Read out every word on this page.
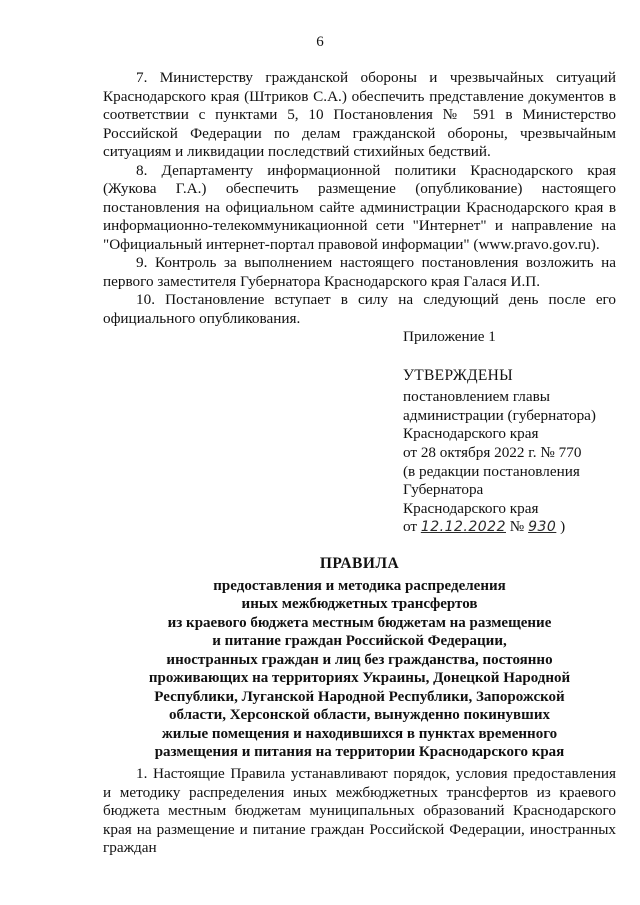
6

7. Министерству гражданской обороны и чрезвычайных ситуаций Краснодарского края (Штриков С.А.) обеспечить представление документов в соответствии с пунктами 5, 10 Постановления № 591 в Министерство Российской Федерации по делам гражданской обороны, чрезвычайным ситуациям и ликвидации последствий стихийных бедствий.

8. Департаменту информационной политики Краснодарского края (Жукова Г.А.) обеспечить размещение (опубликование) настоящего постановления на официальном сайте администрации Краснодарского края в информационно-телекоммуникационной сети "Интернет" и направление на "Официальный интернет-портал правовой информации" (www.pravo.gov.ru).

9. Контроль за выполнением настоящего постановления возложить на первого заместителя Губернатора Краснодарского края Галася И.П.

10. Постановление вступает в силу на следующий день после его официального опубликования.

Приложение 1
УТВЕРЖДЕНЫ
постановлением главы
администрации (губернатора)
Краснодарского края
от 28 октября 2022 г. № 770
(в редакции постановления
Губернатора
Краснодарского края
от 12.12.2022 № 930 )
ПРАВИЛА
предоставления и методика распределения
иных межбюджетных трансфертов
из краевого бюджета местным бюджетам на размещение
и питание граждан Российской Федерации,
иностранных граждан и лиц без гражданства, постоянно
проживающих на территориях Украины, Донецкой Народной
Республики, Луганской Народной Республики, Запорожской
области, Херсонской области, вынужденно покинувших
жилые помещения и находившихся в пунктах временного
размещения и питания на территории Краснодарского края

1. Настоящие Правила устанавливают порядок, условия предоставления и методику распределения иных межбюджетных трансфертов из краевого бюджета местным бюджетам муниципальных образований Краснодарского края на размещение и питание граждан Российской Федерации, иностранных граждан
